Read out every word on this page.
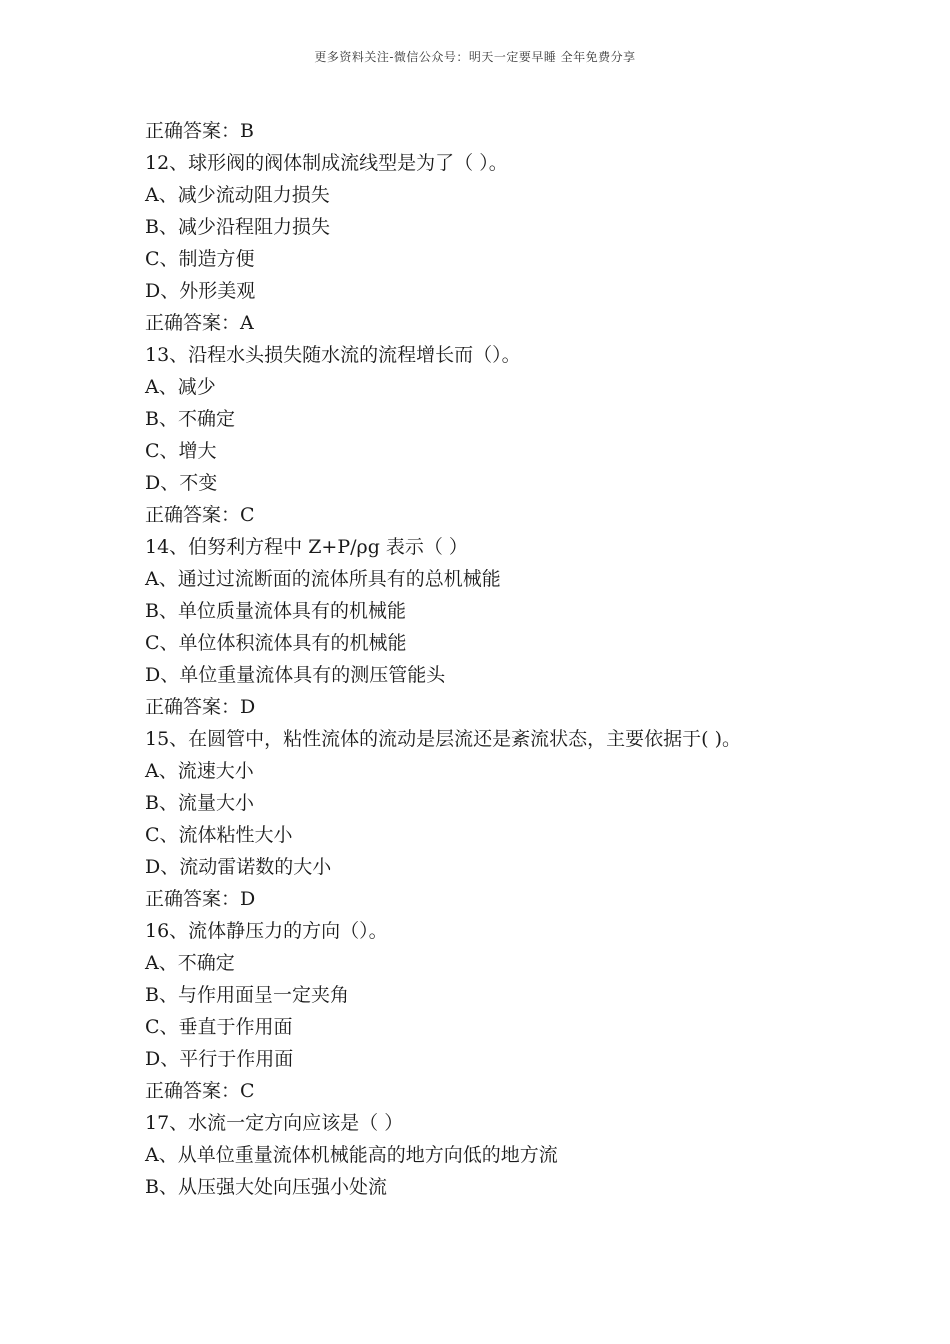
更多资料关注-微信公众号：明天一定要早睡 全年免费分享
正确答案：B
12、球形阀的阀体制成流线型是为了（ ）。
A、减少流动阻力损失
B、减少沿程阻力损失
C、制造方便
D、外形美观
正确答案：A
13、沿程水头损失随水流的流程增长而（）。
A、减少
B、不确定
C、增大
D、不变
正确答案：C
14、伯努利方程中 Z+P/ρg 表示（ ）
A、通过过流断面的流体所具有的总机械能
B、单位质量流体具有的机械能
C、单位体积流体具有的机械能
D、单位重量流体具有的测压管能头
正确答案：D
15、在圆管中，粘性流体的流动是层流还是紊流状态，主要依据于( )。
A、流速大小
B、流量大小
C、流体粘性大小
D、流动雷诺数的大小
正确答案：D
16、流体静压力的方向（）。
A、不确定
B、与作用面呈一定夹角
C、垂直于作用面
D、平行于作用面
正确答案：C
17、水流一定方向应该是（ ）
A、从单位重量流体机械能高的地方向低的地方流
B、从压强大处向压强小处流
